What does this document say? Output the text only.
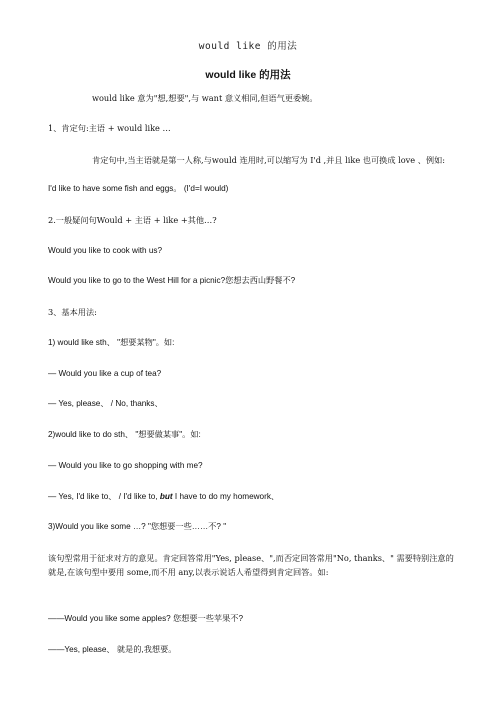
would like 的用法
would like 的用法
would like 意为"想,想要",与 want 意义相同,但语气更委婉。
1、肯定句:主语 + would like …
肯定句中,当主语就是第一人称,与would 连用时,可以缩写为 I'd ,并且 like 也可换成 love 、例如:
I'd like to have some fish and eggs。 (I'd=I would)
2.一般疑问句Would + 主语 + like +其他…?
Would you like to cook with us?
Would you like to go to the West Hill for a picnic?您想去西山野餐不?
3、基本用法:
1) would like sth、 "想要某物"。如:
— Would you like a cup of tea?
— Yes, please、 / No, thanks、
2)would like to do sth、 "想要做某事"。如:
— Would you like to go shopping with me?
— Yes, I'd like to、 / I'd like to, but I have to do my homework、
3)Would you like some …? "您想要一些……不? "
该句型常用于征求对方的意见。肯定回答常用"Yes, please、",而否定回答常用"No, thanks、" 需要特别注意的就是,在该句型中要用 some,而不用 any,以表示说话人希望得到肯定回答。如:
——Would you like some apples? 您想要一些苹果不?
——Yes, please、 就是的,我想要。
